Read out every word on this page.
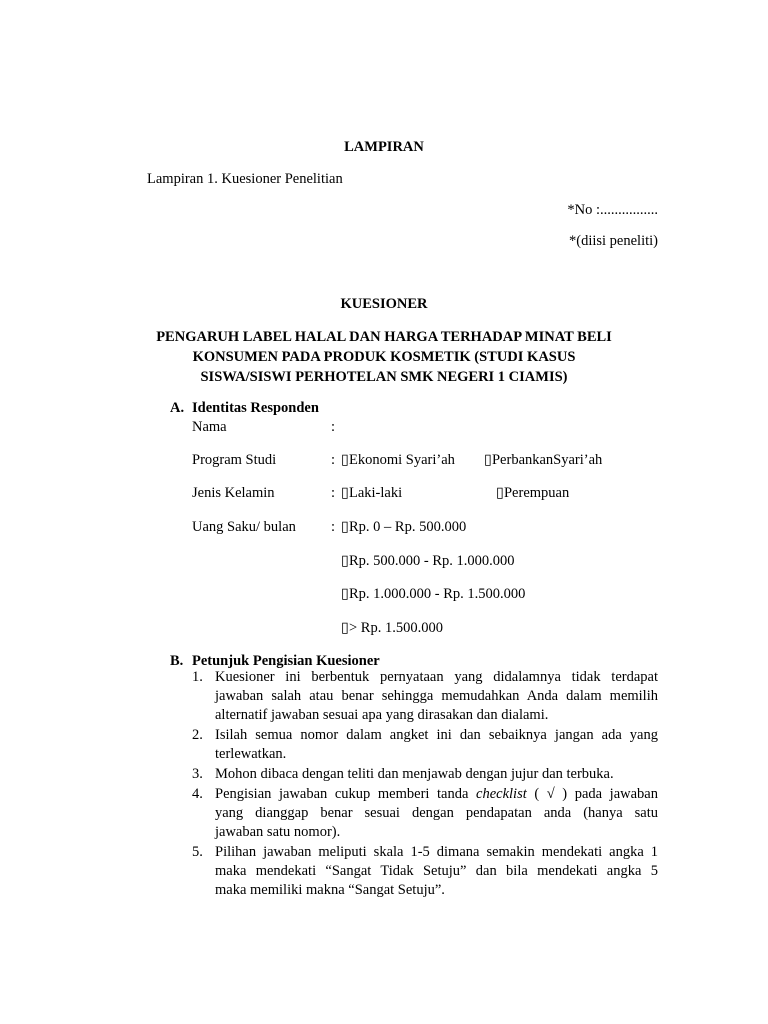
LAMPIRAN
Lampiran 1. Kuesioner Penelitian
*No :................
*(diisi peneliti)
KUESIONER
PENGARUH LABEL HALAL DAN HARGA TERHADAP MINAT BELI
KONSUMEN PADA PRODUK KOSMETIK (STUDI KASUS
SISWA/SISWI PERHOTELAN SMK NEGERI 1 CIAMIS)
A. Identitas Responden
Nama	:
Program Studi	: ▯Ekonomi Syari’ah ▯PerbankanSyari’ah
Jenis Kelamin	: ▯Laki-laki	▯Perempuan
Uang Saku/ bulan : ▯Rp. 0 – Rp. 500.000
▯Rp. 500.000 - Rp. 1.000.000
▯Rp. 1.000.000 - Rp. 1.500.000
▯> Rp. 1.500.000
B. Petunjuk Pengisian Kuesioner
1. Kuesioner ini berbentuk pernyataan yang didalamnya tidak terdapat
jawaban salah atau benar sehingga memudahkan Anda dalam memilih
alternatif jawaban sesuai apa yang dirasakan dan dialami.
2. Isilah semua nomor dalam angket ini dan sebaiknya jangan ada yang
terlewatkan.
3. Mohon dibaca dengan teliti dan menjawab dengan jujur dan terbuka.
4. Pengisian jawaban cukup memberi tanda checklist ( √ ) pada jawaban
yang dianggap benar sesuai dengan pendapatan anda (hanya satu
jawaban satu nomor).
5. Pilihan jawaban meliputi skala 1-5 dimana semakin mendekati angka 1
maka mendekati “Sangat Tidak Setuju” dan bila mendekati angka 5
maka memiliki makna “Sangat Setuju”.
